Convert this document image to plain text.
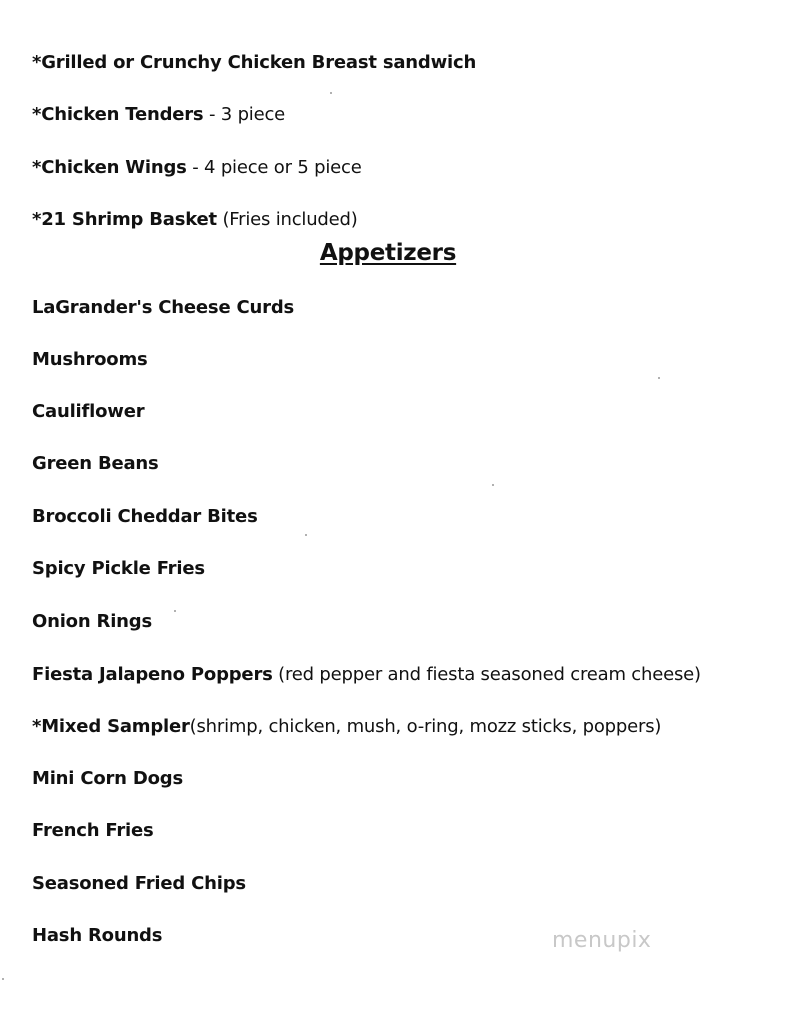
*Grilled or Crunchy Chicken Breast sandwich
*Chicken Tenders - 3 piece
*Chicken Wings - 4 piece or 5 piece
*21 Shrimp Basket (Fries included)
Appetizers
LaGrander's Cheese Curds
Mushrooms
Cauliflower
Green Beans
Broccoli Cheddar Bites
Spicy Pickle Fries
Onion Rings
Fiesta Jalapeno Poppers (red pepper and fiesta seasoned cream cheese)
*Mixed Sampler(shrimp, chicken, mush, o-ring, mozz sticks, poppers)
Mini Corn Dogs
French Fries
Seasoned Fried Chips
Hash Rounds	menupix
